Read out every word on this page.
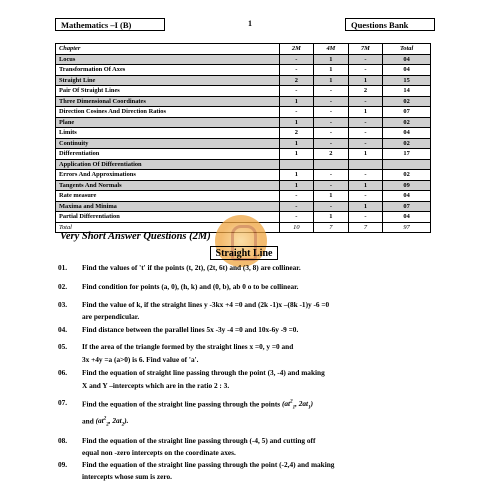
Mathematics –I (B)	1	Questions Bank
Chapter	2M	4M	7M	Total
Locus	-	1	-	04
Transformation Of Axes	-	1	-	04
Straight Line	2	1	1	15
Pair Of Straight Lines	-	-	2	14
Three Dimensional Coordinates	1	-	-	02
Direction Cosines And Direction Ratios	-	-	1	07
Plane	1	-	-	02
Limits	2	-	-	04
Continuity	1	-	-	02
Differentiation	1	2	1	17
Application Of Differentiation				
Errors And Approximations	1	-	-	02
Tangents And Normals	1	-	1	09
Rate measure	-	1	-	04
Maxima and Minima	-	-	1	07
Partial Differentiation	-	1	-	04
Total	10	7	7	97
Very Short Answer Questions (2M)
Straight Line
01. Find the values of 't' if the points (t, 2t), (2t, 6t) and (3, 8) are collinear.
02. Find condition for points (a, 0), (h, k) and (0, b), ab 0 o to be collinear.
03. Find the value of k, if the straight lines y -3kx +4 =0 and (2k -1)x –(8k -1)y -6 =0
are perpendicular.
04. Find distance between the parallel lines 5x -3y -4 =0 and 10x-6y -9 =0.
05. If the area of the triangle formed by the straight lines x =0, y =0 and
3x +4y =a (a>0) is 6. Find value of 'a'.
06. Find the equation of straight line passing through the point (3, -4) and making
X and Y –intercepts which are in the ratio 2 : 3.
07. Find the equation of the straight line passing through the points ($at^2_1$, $2at_1$)
and ($at^2_2$, $2at_2$).
08. Find the equation of the straight line passing through (-4, 5) and cutting off
equal non -zero intercepts on the coordinate axes.
09. Find the equation of the straight line passing through the point (-2,4) and making
intercepts whose sum is zero.
